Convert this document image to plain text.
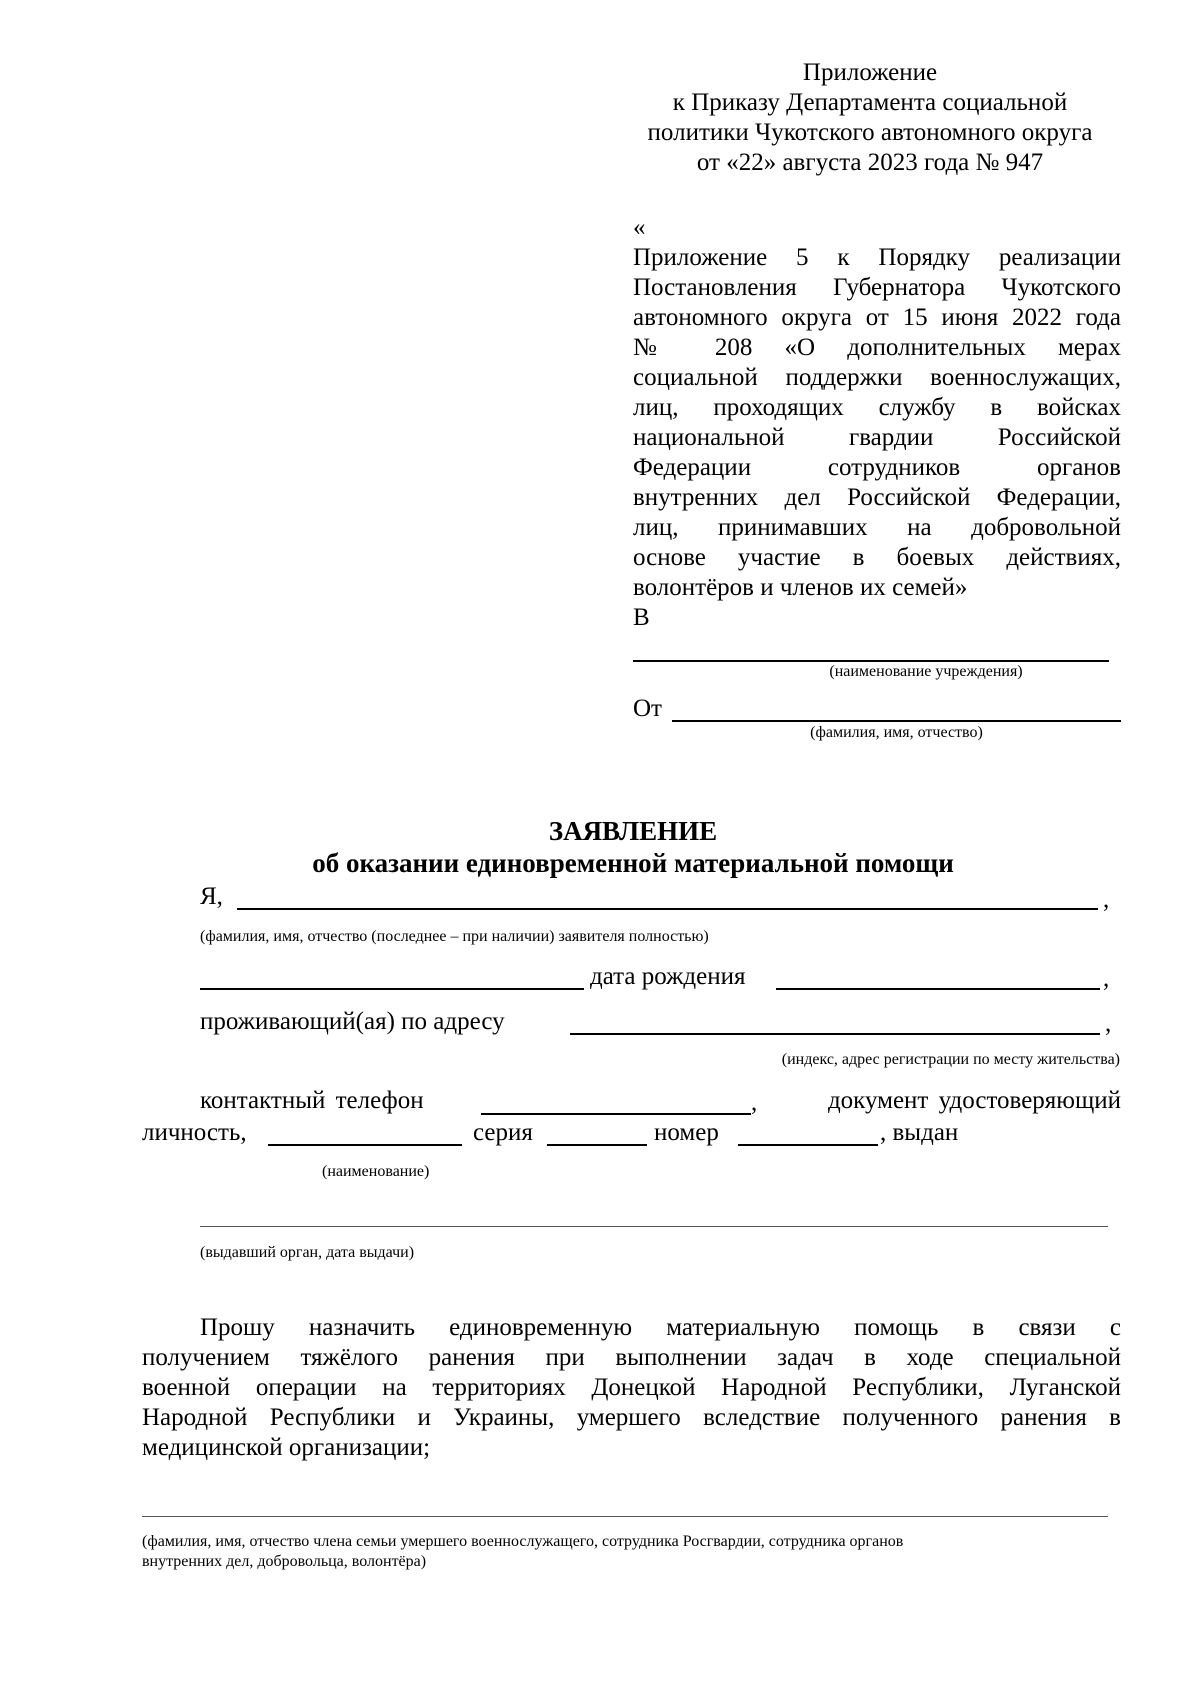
Приложение
к Приказу Департамента социальной
политики Чукотского автономного округа
от «22» августа 2023 года № 947
«
Приложение 5 к Порядку реализации
Постановления Губернатора Чукотского
автономного округа от 15 июня 2022 года
№ 208 «О дополнительных мерах
социальной поддержки военнослужащих,
лиц, проходящих службу в войсках
национальной гвардии Российской
Федерации сотрудников органов
внутренних дел Российской Федерации,
лиц, принимавших на добровольной
основе участие в боевых действиях,
волонтёров и членов их семей»
В
(наименование учреждения)
От
(фамилия, имя, отчество)
ЗАЯВЛЕНИЕ
об оказании единовременной материальной помощи
Я,	,
(фамилия, имя, отчество (последнее – при наличии) заявителя полностью)
дата рождения	,
проживающий(ая) по адресу	,
(индекс, адрес регистрации по месту жительства)
контактный телефон	,	документ удостоверяющий
личность,	серия	номер	, выдан
(наименование)
(выдавший орган, дата выдачи)
Прошу назначить единовременную материальную помощь в связи с
получением тяжёлого ранения при выполнении задач в ходе специальной
военной операции на территориях Донецкой Народной Республики, Луганской
Народной Республики и Украины, умершего вследствие полученного ранения в
медицинской организации;
(фамилия, имя, отчество члена семьи умершего военнослужащего, сотрудника Росгвардии, сотрудника органов
внутренних дел, добровольца, волонтёра)
